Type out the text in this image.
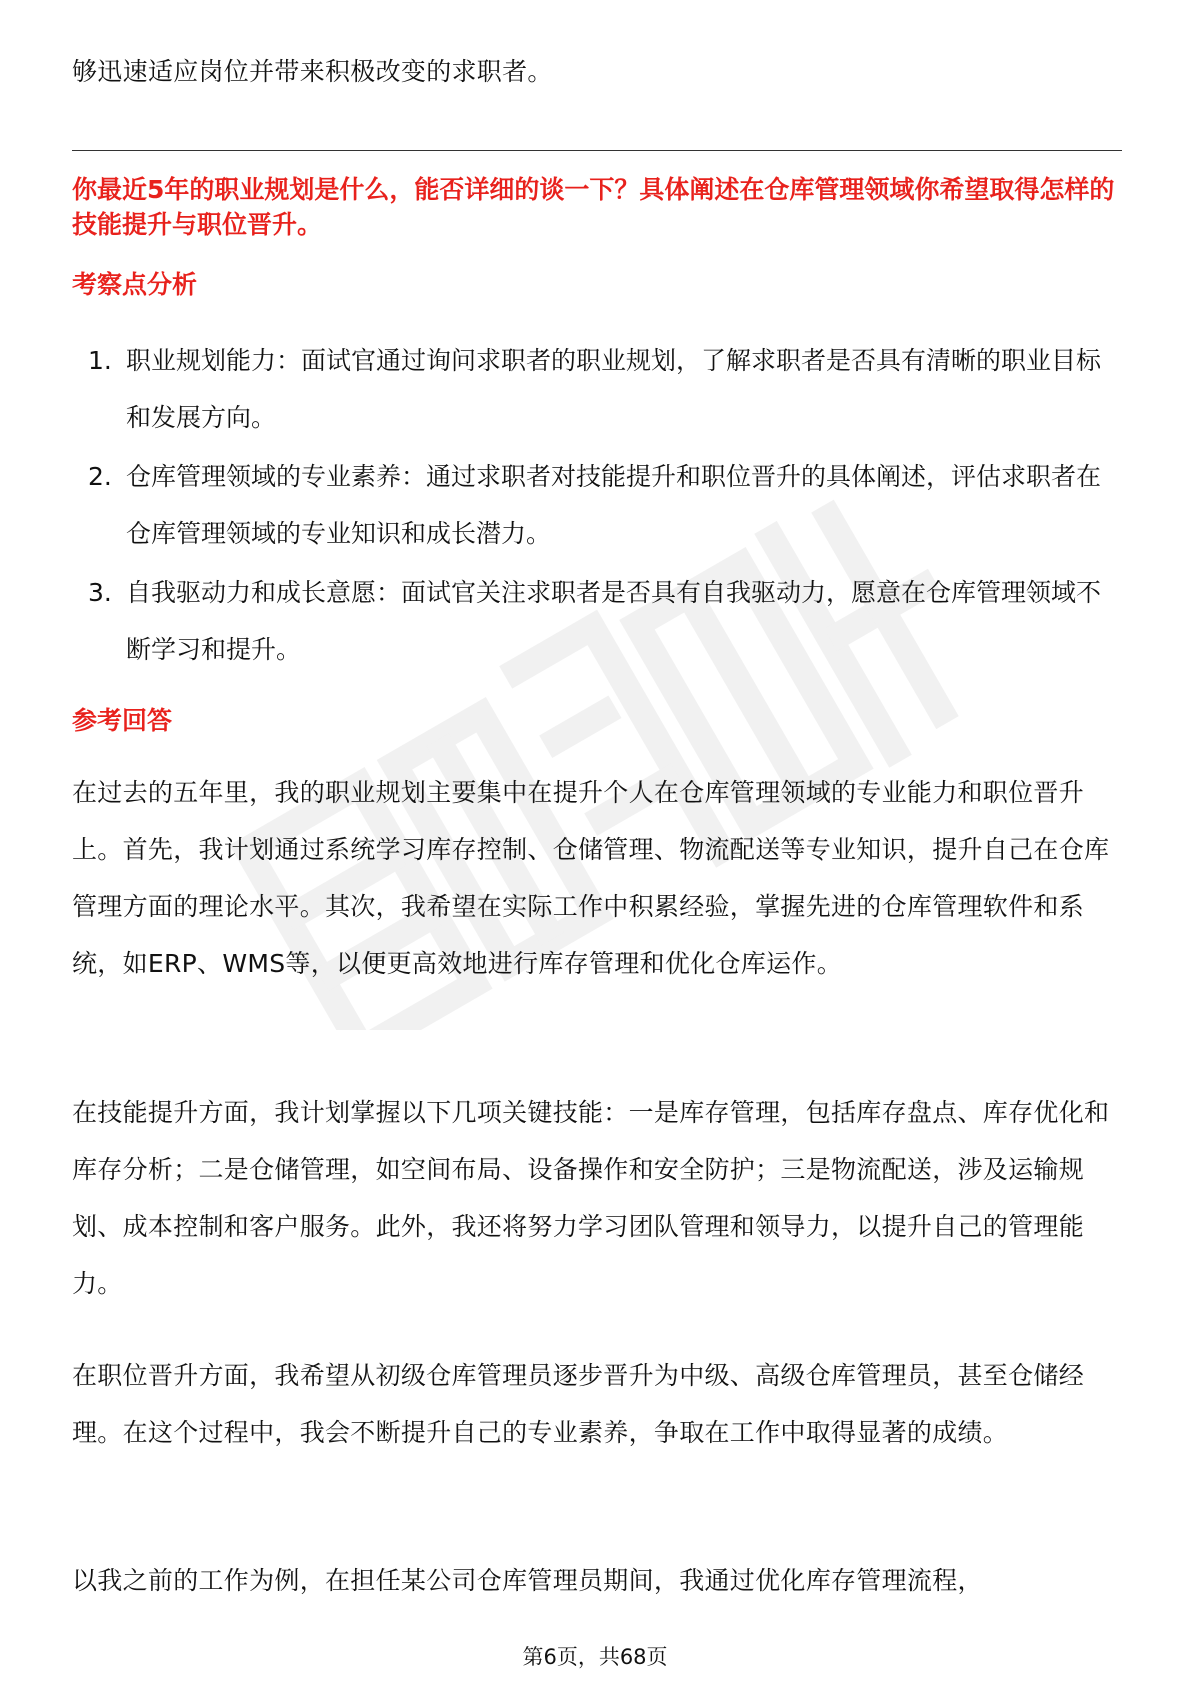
够迅速适应岗位并带来积极改变的求职者。
你最近5年的职业规划是什么，能否详细的谈一下？具体阐述在仓库管理领域你希望取得怎样的技能提升与职位晋升。
考察点分析
1. 职业规划能力：面试官通过询问求职者的职业规划，了解求职者是否具有清晰的职业目标和发展方向。
2. 仓库管理领域的专业素养：通过求职者对技能提升和职位晋升的具体阐述，评估求职者在仓库管理领域的专业知识和成长潜力。
3. 自我驱动力和成长意愿：面试官关注求职者是否具有自我驱动力，愿意在仓库管理领域不断学习和提升。
参考回答
在过去的五年里，我的职业规划主要集中在提升个人在仓库管理领域的专业能力和职位晋升上。首先，我计划通过系统学习库存控制、仓储管理、物流配送等专业知识，提升自己在仓库管理方面的理论水平。其次，我希望在实际工作中积累经验，掌握先进的仓库管理软件和系统，如ERP、WMS等，以便更高效地进行库存管理和优化仓库运作。
在技能提升方面，我计划掌握以下几项关键技能：一是库存管理，包括库存盘点、库存优化和库存分析；二是仓储管理，如空间布局、设备操作和安全防护；三是物流配送，涉及运输规划、成本控制和客户服务。此外，我还将努力学习团队管理和领导力，以提升自己的管理能力。
在职位晋升方面，我希望从初级仓库管理员逐步晋升为中级、高级仓库管理员，甚至仓储经理。在这个过程中，我会不断提升自己的专业素养，争取在工作中取得显著的成绩。
以我之前的工作为例，在担任某公司仓库管理员期间，我通过优化库存管理流程，
第6页，共68页
